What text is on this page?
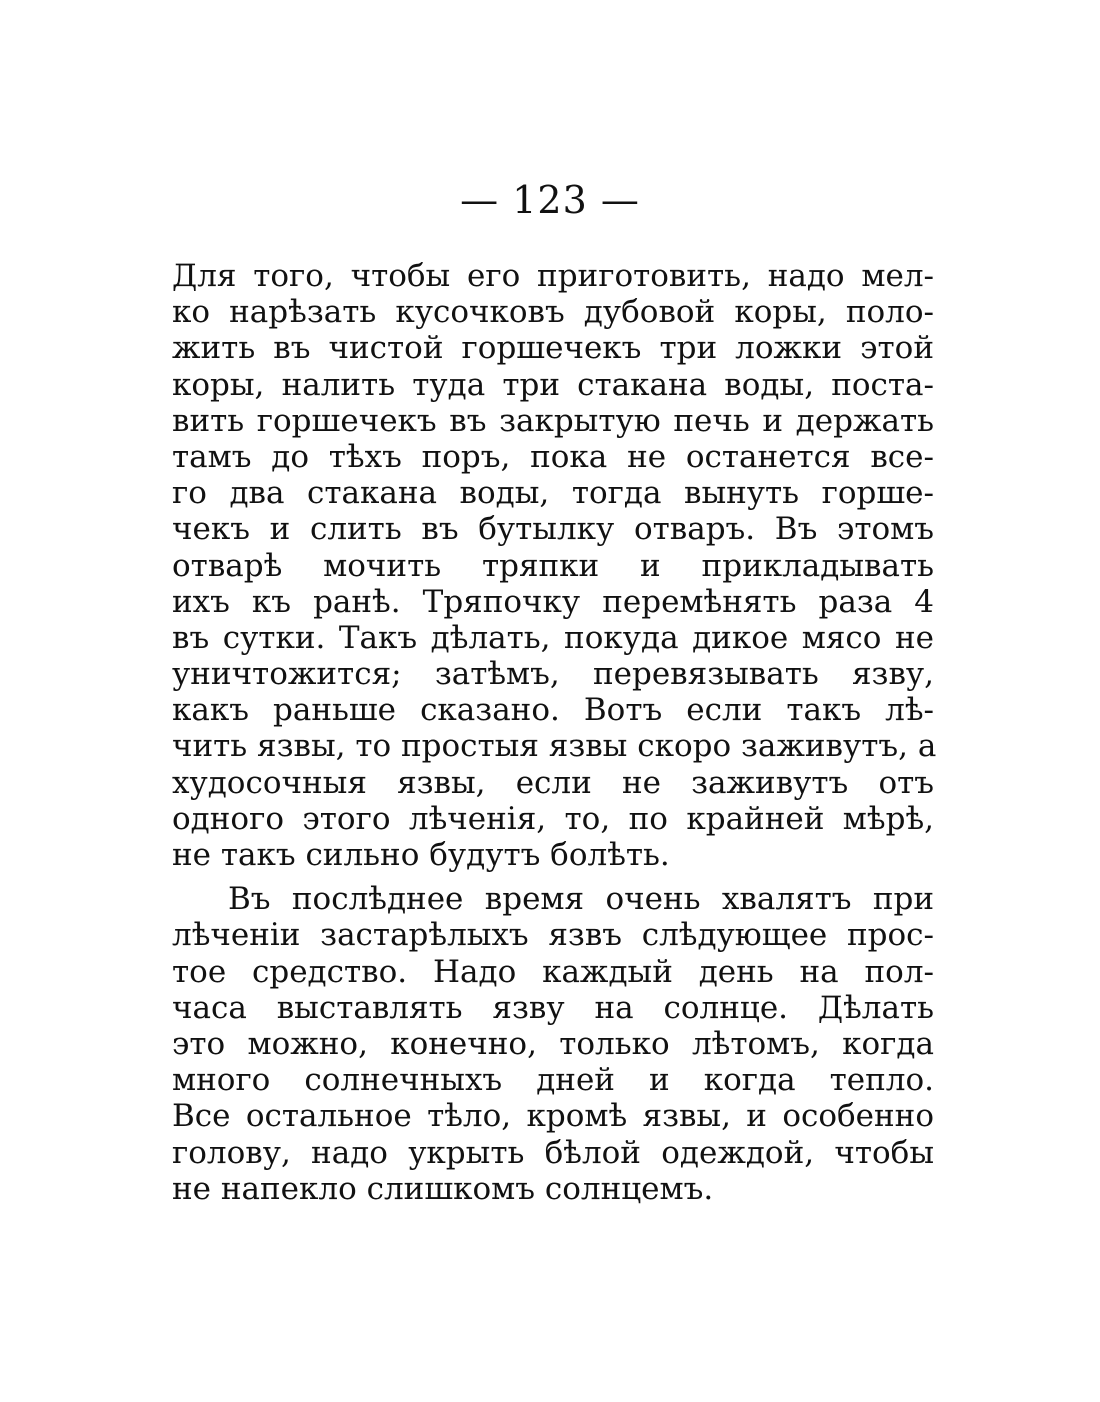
— 123 —
Для того, чтобы его приготовить, надо мел-
ко нарѣзать кусочковъ дубовой коры, поло-
жить въ чистой горшечекъ три ложки этой
коры, налить туда три стакана воды, поста-
вить горшечекъ въ закрытую печь и держать
тамъ до тѣхъ поръ, пока не останется все-
го два стакана воды, тогда вынуть горше-
чекъ и слить въ бутылку отваръ. Въ этомъ
отварѣ мочить тряпки и прикладывать
ихъ къ ранѣ. Тряпочку перемѣнять раза 4
въ сутки. Такъ дѣлать, покуда дикое мясо не
уничтожится; затѣмъ, перевязывать язву,
какъ раньше сказано. Вотъ если такъ лѣ-
чить язвы, то простыя язвы скоро заживутъ, а
худосочныя язвы, если не заживутъ отъ
одного этого лѣченія, то, по крайней мѣрѣ,
не такъ сильно будутъ болѣть.
Въ послѣднее время очень хвалятъ при
лѣченіи застарѣлыхъ язвъ слѣдующее прос-
тое средство. Надо каждый день на пол-
часа выставлять язву на солнце. Дѣлать
это можно, конечно, только лѣтомъ, когда
много солнечныхъ дней и когда тепло.
Все остальное тѣло, кромѣ язвы, и особенно
голову, надо укрыть бѣлой одеждой, чтобы
не напекло слишкомъ солнцемъ.
